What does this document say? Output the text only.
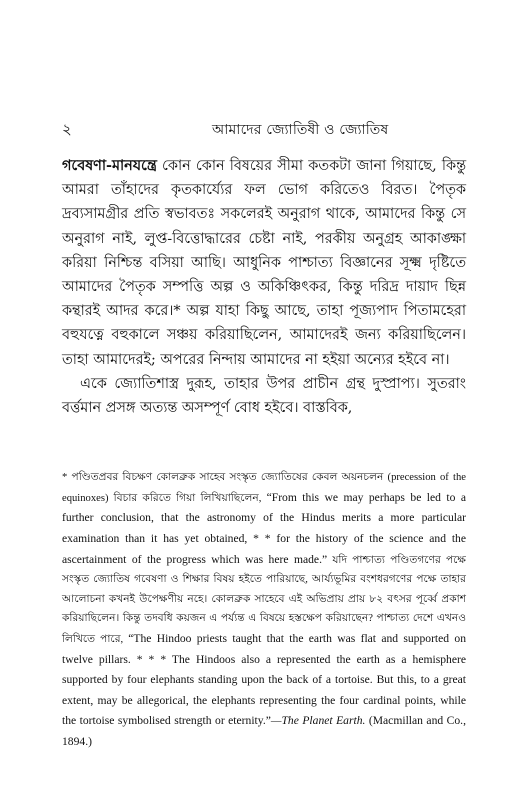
২	আমাদের জ্যোতিষী ও জ্যোতিষ

গবেষণা-মানযন্ত্রে কোন কোন বিষয়ের সীমা কতকটা জানা গিয়াছে, কিন্তু আমরা তাঁহাদের কৃতকার্য্যের ফল ভোগ করিতেও বিরত। পৈতৃক দ্রব্যসামগ্রীর প্রতি স্বভাবতঃ সকলেরই অনুরাগ থাকে, আমাদের কিন্তু সে অনুরাগ নাই, লুপ্ত-বিত্তোদ্ধারের চেষ্টা নাই, পরকীয় অনুগ্রহ আকাঙ্ক্ষা করিয়া নিশ্চিন্ত বসিয়া আছি। আধুনিক পাশ্চাত্য বিজ্ঞানের সূক্ষ্ম দৃষ্টিতে আমাদের পৈতৃক সম্পত্তি অল্প ও অকিঞ্চিৎকর, কিন্তু দরিদ্র দায়াদ ছিন্ন কন্থারই আদর করে।* অল্প যাহা কিছু আছে, তাহা পূজ্যপাদ পিতামহেরা বহুযত্নে বহুকালে সঞ্চয় করিয়াছিলেন, আমাদেরই জন্য করিয়াছিলেন। তাহা আমাদেরই; অপরের নিন্দায় আমাদের না হইয়া অন্যের হইবে না।

একে জ্যোতিশাস্ত্র দুরূহ, তাহার উপর প্রাচীন গ্রন্থ দুস্প্রাপ্য। সুতরাং বর্ত্তমান প্রসঙ্গ অত্যন্ত অসম্পূর্ণ বোধ হইবে। বাস্তবিক,

* পণ্ডিতপ্রবর বিচক্ষণ কোলব্রুক সাহেব সংস্কৃত জ্যোতিষের কেবল অয়নচলন (precession of the equinoxes) বিচার করিতে গিয়া লিখিয়াছিলেন, “From this we may perhaps be led to a further conclusion, that the astronomy of the Hindus merits a more particular examination than it has yet obtained, * * for the history of the science and the ascertainment of the progress which was here made.” যদি পাশ্চাত্য পণ্ডিতগণের পক্ষে সংস্কৃত জ্যোতিষ গবেষণা ও শিক্ষার বিষয় হইতে পারিয়াছে, আর্য্যভূমির বংশধরগণের পক্ষে তাহার আলোচনা কখনই উপেক্ষণীয় নহে। কোলব্রুক সাহেবে এই অভিপ্রায় প্রায় ৮২ বৎসর পূর্ব্বে প্রকাশ করিয়াছিলেন। কিন্তু তদবধি কয়জন এ পর্য্যন্ত এ বিষয়ে হস্তক্ষেপ করিয়াছেন? পাশ্চাত্য দেশে এখনও লিখিতে পারে, “The Hindoo priests taught that the earth was flat and supported on twelve pillars. * * * The Hindoos also a represented the earth as a hemisphere supported by four elephants standing upon the back of a tortoise. But this, to a great extent, may be allegorical, the elephants representing the four cardinal points, while the tortoise symbolised strength or eternity.”—The Planet Earth. (Macmillan and Co., 1894.)
